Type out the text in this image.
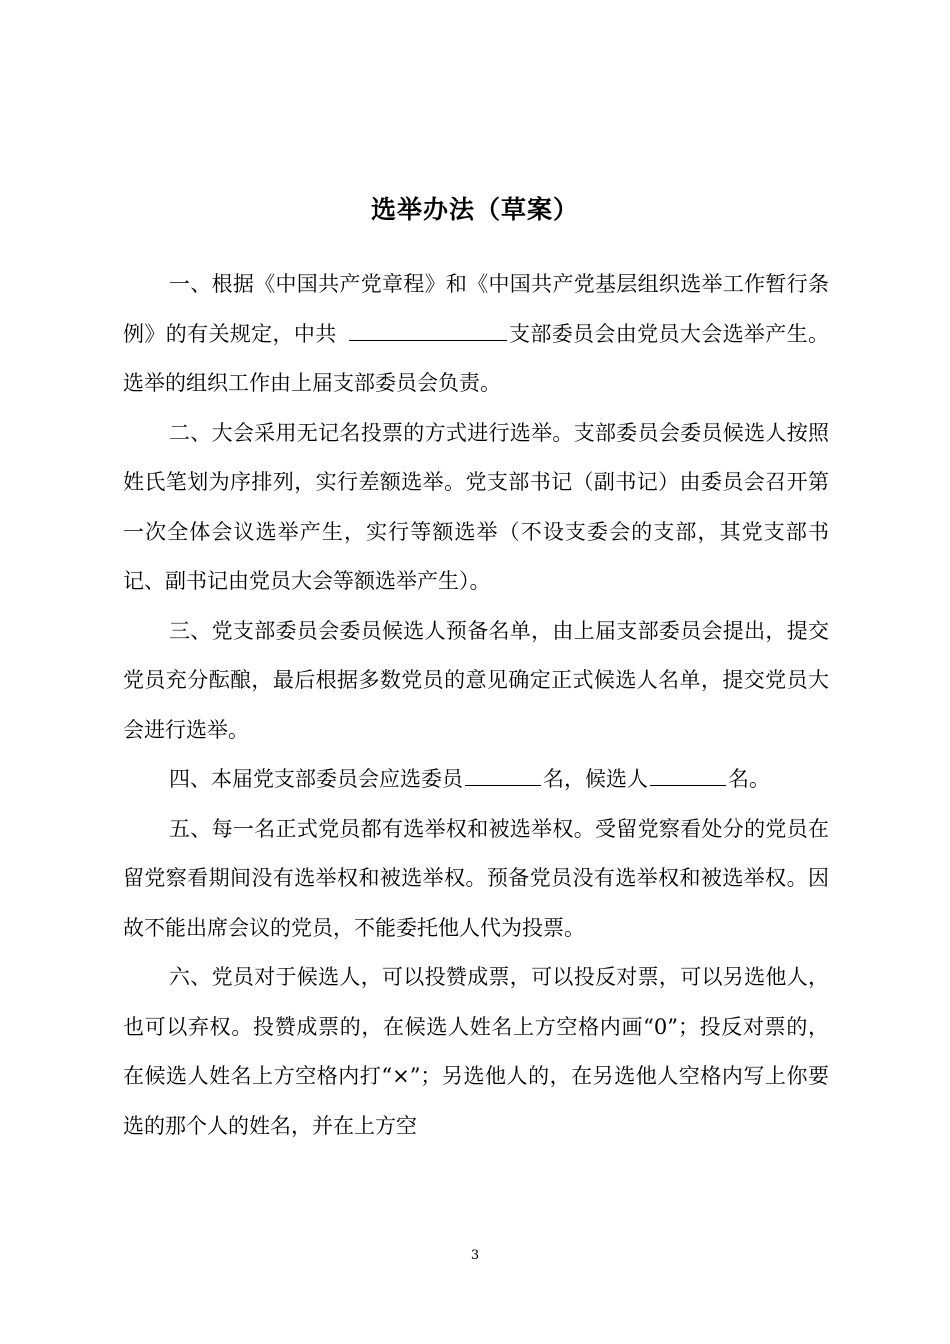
选举办法（草案）

一、根据《中国共产党章程》和《中国共产党基层组织选举工作暂行条例》的有关规定，中共	支部委员会由党员大会选举产生。选举的组织工作由上届支部委员会负责。

二、大会采用无记名投票的方式进行选举。支部委员会委员候选人按照姓氏笔划为序排列，实行差额选举。党支部书记（副书记）由委员会召开第一次全体会议选举产生，实行等额选举（不设支委会的支部，其党支部书记、副书记由党员大会等额选举产生）。

三、党支部委员会委员候选人预备名单，由上届支部委员会提出，提交党员充分酝酿，最后根据多数党员的意见确定正式候选人名单，提交党员大会进行选举。

四、本届党支部委员会应选委员	名，候选人	名。

五、每一名正式党员都有选举权和被选举权。受留党察看处分的党员在留党察看期间没有选举权和被选举权。预备党员没有选举权和被选举权。因故不能出席会议的党员，不能委托他人代为投票。

六、党员对于候选人，可以投赞成票，可以投反对票，可以另选他人，也可以弃权。投赞成票的，在候选人姓名上方空格内画“0”；投反对票的，在候选人姓名上方空格内打“×”；另选他人的，在另选他人空格内写上你要选的那个人的姓名，并在上方空

3
